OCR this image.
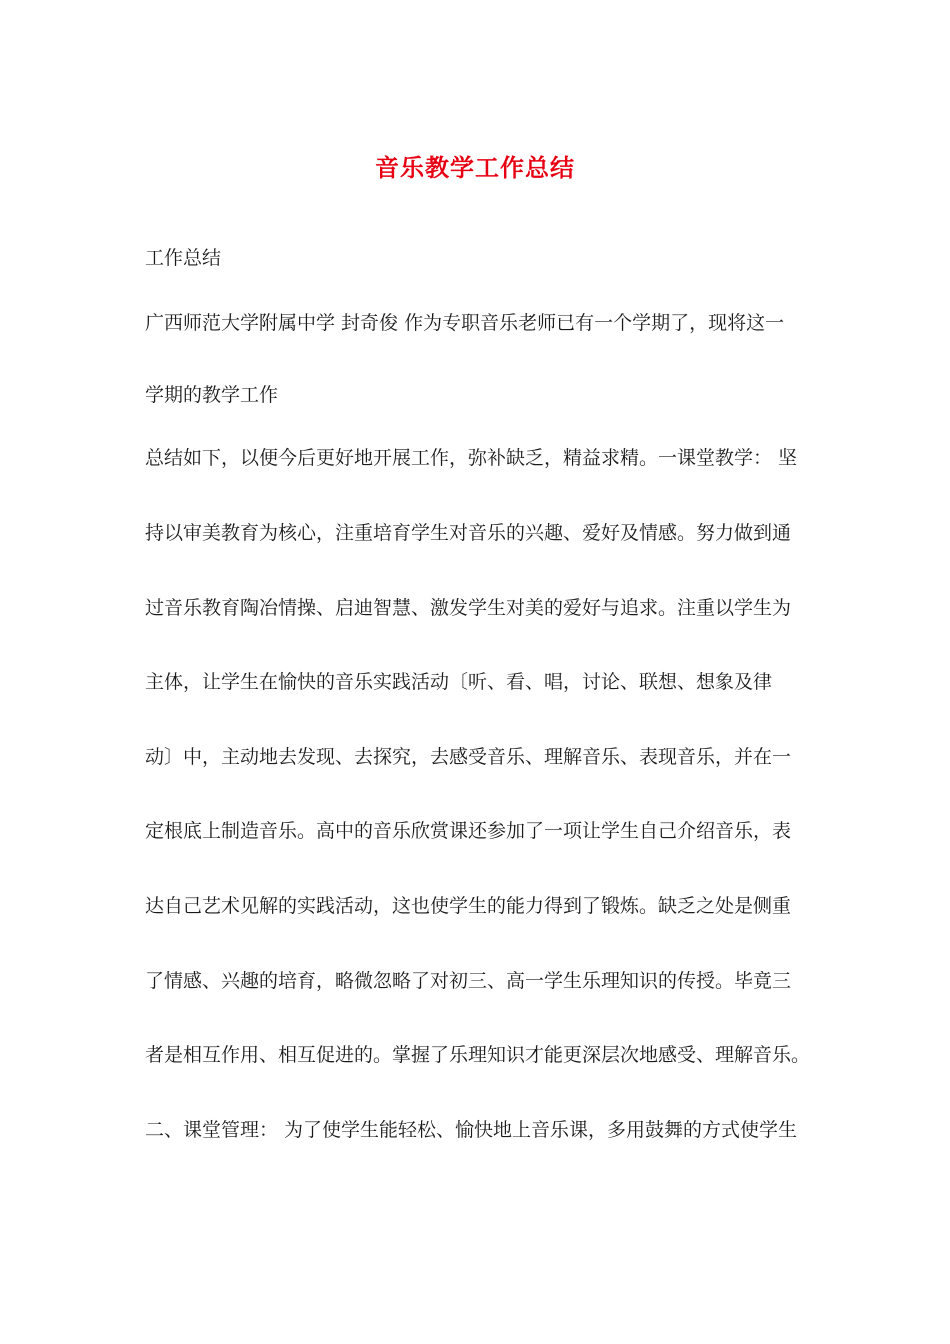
音乐教学工作总结
工作总结
广西师范大学附属中学 封奇俊 作为专职音乐老师已有一个学期了，现将这一
学期的教学工作
总结如下，以便今后更好地开展工作，弥补缺乏，精益求精。一课堂教学： 坚
持以审美教育为核心，注重培育学生对音乐的兴趣、爱好及情感。努力做到通
过音乐教育陶冶情操、启迪智慧、激发学生对美的爱好与追求。注重以学生为
主体，让学生在愉快的音乐实践活动〔听、看、唱，讨论、联想、想象及律
动〕中，主动地去发现、去探究，去感受音乐、理解音乐、表现音乐，并在一
定根底上制造音乐。高中的音乐欣赏课还参加了一项让学生自己介绍音乐，表
达自己艺术见解的实践活动，这也使学生的能力得到了锻炼。缺乏之处是侧重
了情感、兴趣的培育，略微忽略了对初三、高一学生乐理知识的传授。毕竟三
者是相互作用、相互促进的。掌握了乐理知识才能更深层次地感受、理解音乐。
二、课堂管理： 为了使学生能轻松、愉快地上音乐课，多用鼓舞的方式使学生
